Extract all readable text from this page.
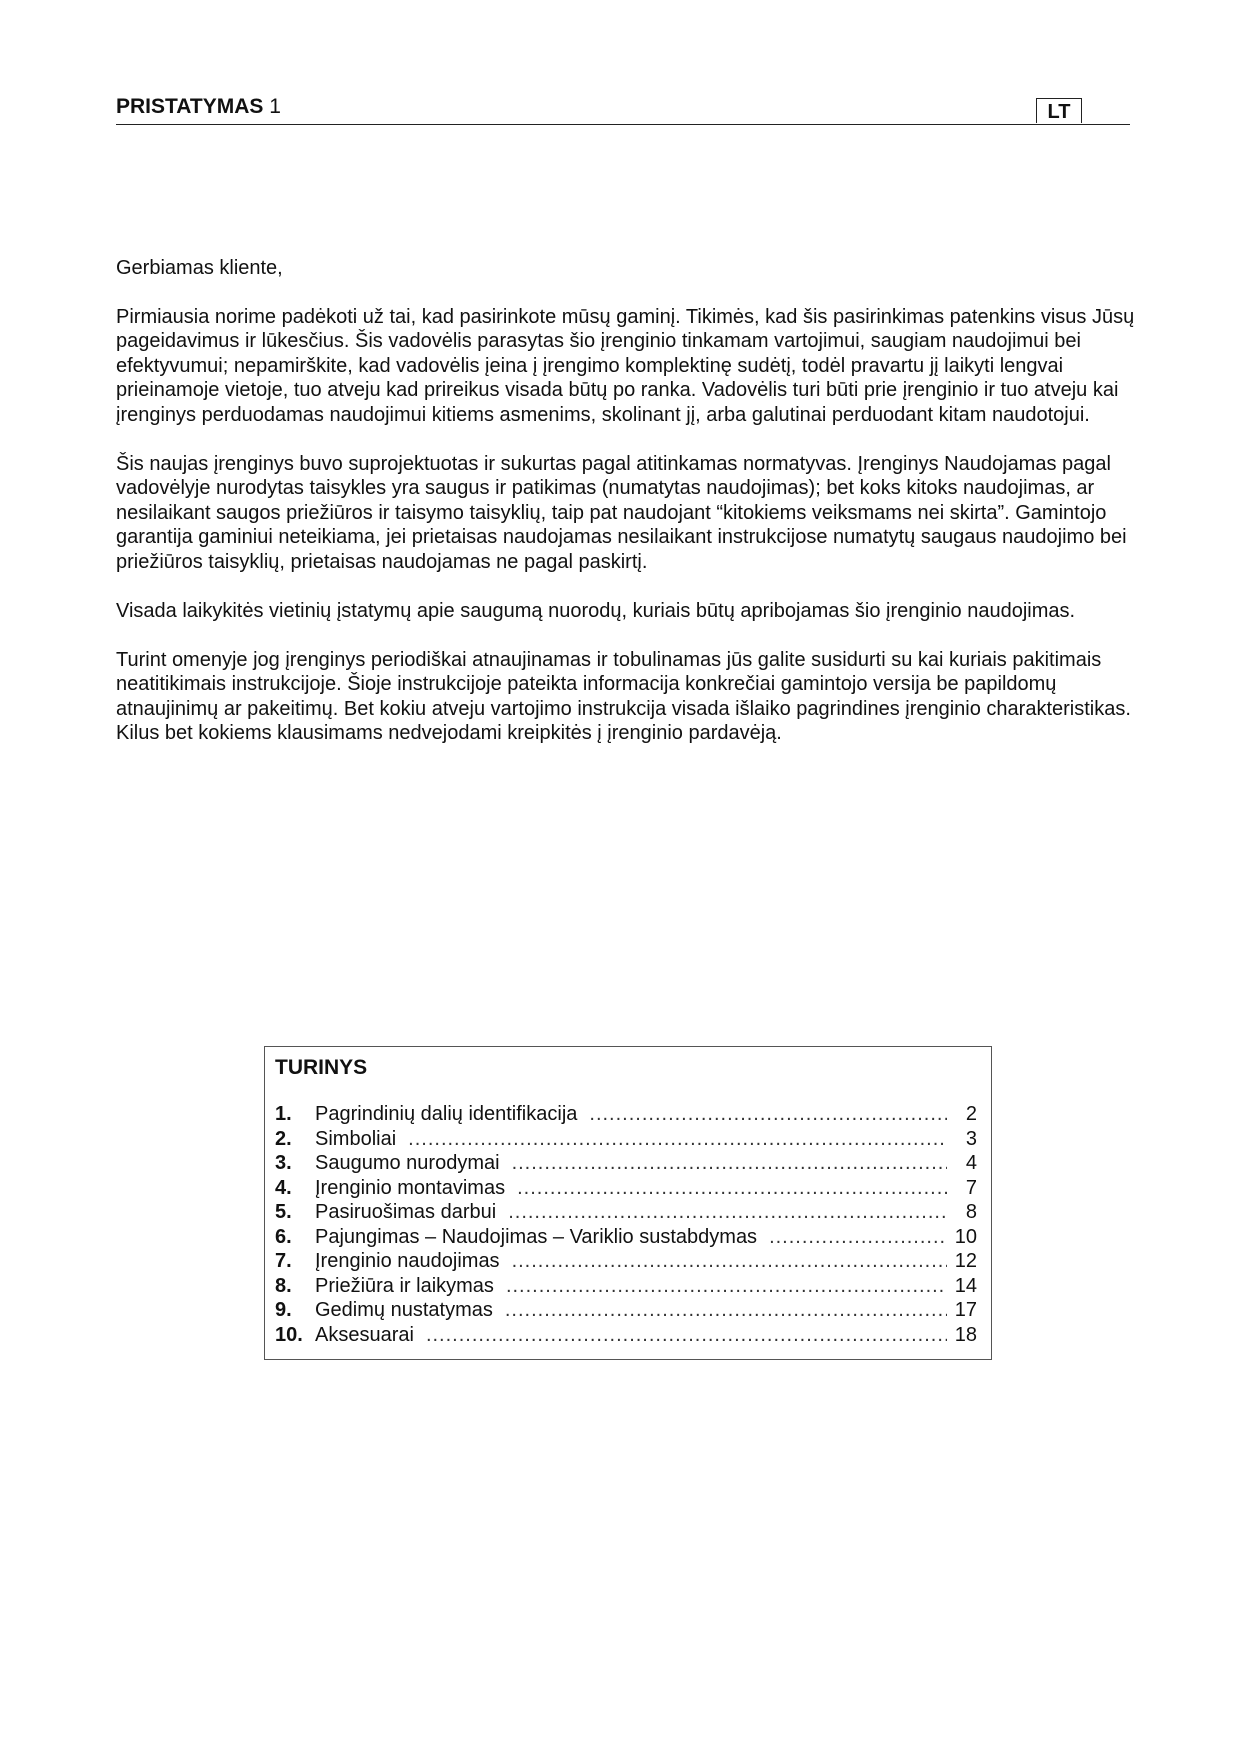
PRISTATYMAS 1	LT

Gerbiamas kliente,

Pirmiausia norime padėkoti už tai, kad pasirinkote mūsų gaminį. Tikimės, kad šis pasirinkimas patenkins visus Jūsų pageidavimus ir lūkesčius. Šis vadovėlis parasytas šio įrenginio tinkamam vartojimui, saugiam naudojimui bei efektyvumui; nepamirškite, kad vadovėlis įeina į įrengimo komplektinę sudėtį, todėl pravartu jį laikyti lengvai prieinamoje vietoje, tuo atveju kad prireikus visada būtų po ranka. Vadovėlis turi būti prie įrenginio ir tuo atveju kai įrenginys perduodamas naudojimui kitiems asmenims, skolinant jį, arba galutinai perduodant kitam naudotojui.

Šis naujas įrenginys buvo suprojektuotas ir sukurtas pagal atitinkamas normatyvas. Įrenginys Naudojamas pagal vadovėlyje nurodytas taisykles yra saugus ir patikimas (numatytas naudojimas); bet koks kitoks naudojimas, ar nesilaikant saugos priežiūros ir taisymo taisyklių, taip pat naudojant “kitokiems veiksmams nei skirta”. Gamintojo garantija gaminiui neteikiama, jei prietaisas naudojamas nesilaikant instrukcijose numatytų saugaus naudojimo bei priežiūros taisyklių, prietaisas naudojamas ne pagal paskirtį.

Visada laikykitės vietinių įstatymų apie saugumą nuorodų, kuriais būtų apribojamas šio įrenginio naudojimas.

Turint omenyje jog įrenginys periodiškai atnaujinamas ir tobulinamas jūs galite susidurti su kai kuriais pakitimais neatitikimais instrukcijoje. Šioje instrukcijoje pateikta informacija konkrečiai gamintojo versija be papildomų atnaujinimų ar pakeitimų. Bet kokiu atveju vartojimo instrukcija visada išlaiko pagrindines įrenginio charakteristikas. Kilus bet kokiems klausimams nedvejodami kreipkitės į įrenginio pardavėją.

TURINYS
1.	Pagrindinių dalių identifikacija .....	2
2.	Simboliai .....	3
3.	Saugumo nurodymai .....	4
4.	Įrenginio montavimas .....	7
5.	Pasiruošimas darbui .....	8
6.	Pajungimas – Naudojimas – Variklio sustabdymas .....	10
7.	Įrenginio naudojimas .....	12
8.	Priežiūra ir laikymas .....	14
9.	Gedimų nustatymas .....	17
10. Aksesuarai .....	18
